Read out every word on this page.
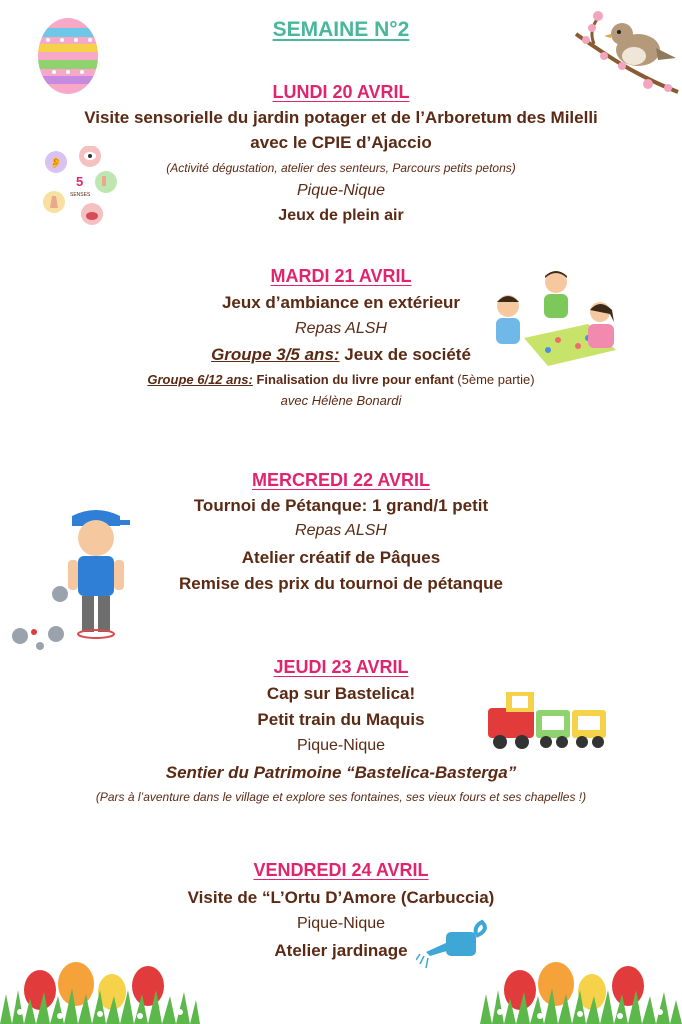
SEMAINE N°2
LUNDI 20 AVRIL
Visite sensorielle du jardin potager et de l’Arboretum des Milelli
avec le CPIE d’Ajaccio
(Activité dégustation, atelier des senteurs, Parcours petits petons)
Pique-Nique
Jeux de plein air
MARDI 21 AVRIL
Jeux d’ambiance en extérieur
Repas ALSH
Groupe 3/5 ans: Jeux de société
Groupe 6/12 ans: Finalisation du livre pour enfant (5ème partie)
avec Hélène Bonardi
MERCREDI 22 AVRIL
Tournoi de Pétanque: 1 grand/1 petit
Repas ALSH
Atelier créatif de Pâques
Remise des prix du tournoi de pétanque
JEUDI 23 AVRIL
Cap sur Bastelica!
Petit train du Maquis
Pique-Nique
Sentier du Patrimoine “Bastelica-Basterga”
(Pars à l’aventure dans le village et explore ses fontaines, ses vieux fours et ses chapelles !)
VENDREDI 24 AVRIL
Visite de “L’Ortu D’Amore (Carbuccia)
Pique-Nique
Atelier jardinage
👂
5
SENSES
